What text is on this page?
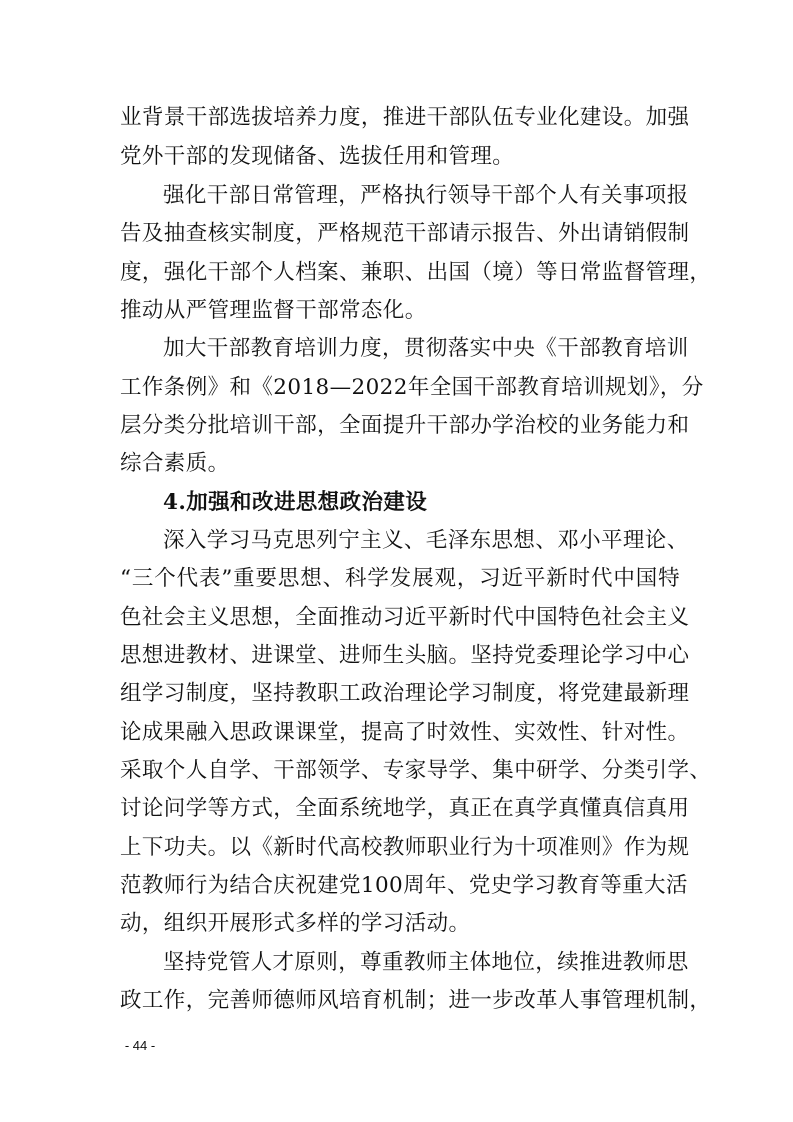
业背景干部选拔培养力度，推进干部队伍专业化建设。加强
党外干部的发现储备、选拔任用和管理。
强化干部日常管理，严格执行领导干部个人有关事项报
告及抽查核实制度，严格规范干部请示报告、外出请销假制
度，强化干部个人档案、兼职、出国（境）等日常监督管理，
推动从严管理监督干部常态化。
加大干部教育培训力度，贯彻落实中央《干部教育培训
工作条例》和《2018—2022年全国干部教育培训规划》，分
层分类分批培训干部，全面提升干部办学治校的业务能力和
综合素质。
4.加强和改进思想政治建设
深入学习马克思列宁主义、毛泽东思想、邓小平理论、
“三个代表”重要思想、科学发展观，习近平新时代中国特
色社会主义思想，全面推动习近平新时代中国特色社会主义
思想进教材、进课堂、进师生头脑。坚持党委理论学习中心
组学习制度，坚持教职工政治理论学习制度，将党建最新理
论成果融入思政课课堂，提高了时效性、实效性、针对性。
采取个人自学、干部领学、专家导学、集中研学、分类引学、
讨论问学等方式，全面系统地学，真正在真学真懂真信真用
上下功夫。以《新时代高校教师职业行为十项准则》作为规
范教师行为结合庆祝建党100周年、党史学习教育等重大活
动，组织开展形式多样的学习活动。
坚持党管人才原则，尊重教师主体地位，续推进教师思
政工作，完善师德师风培育机制；进一步改革人事管理机制，
- 44 -
